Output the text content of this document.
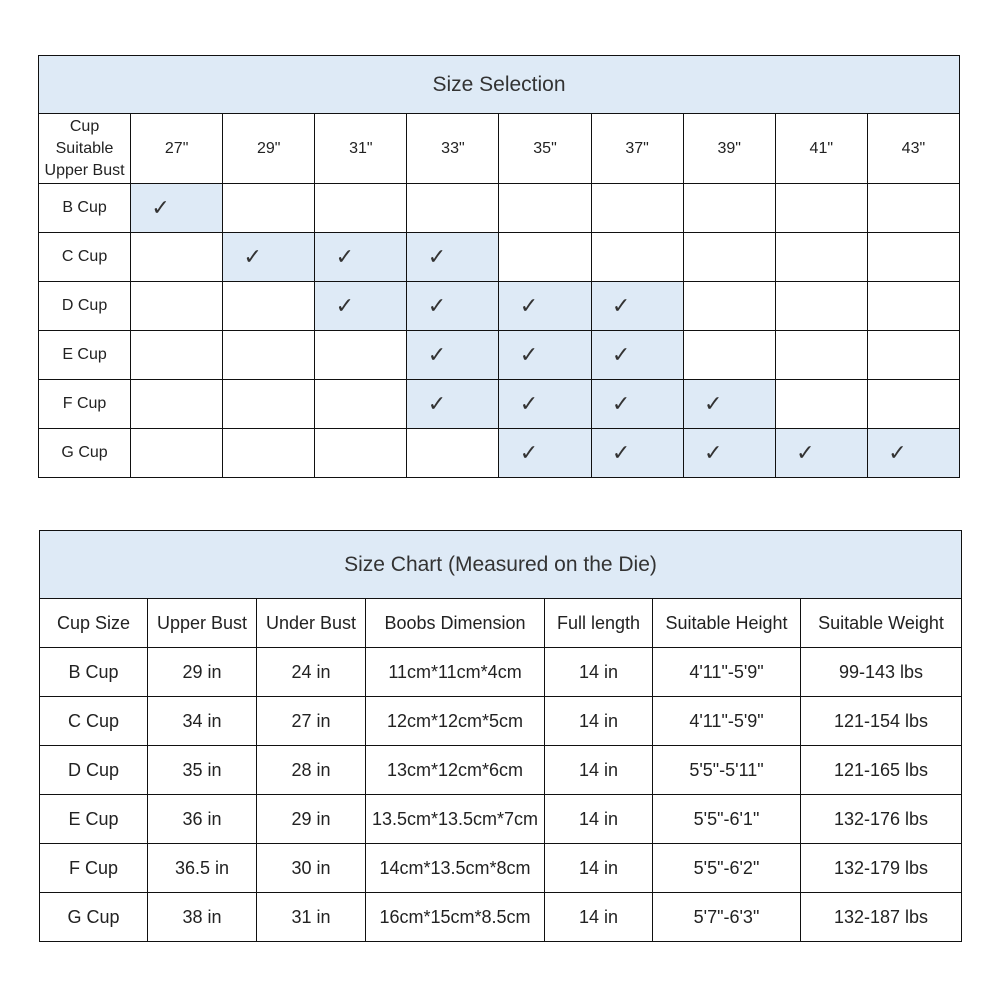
Size Selection									
Cup
Suitable
Upper Bust	27"	29"	31"	33"	35"	37"	39"	41"	43"
B Cup	✓								
C Cup		✓	✓	✓					
D Cup			✓	✓	✓	✓			
E Cup				✓	✓	✓			
F Cup				✓	✓	✓	✓		
G Cup					✓	✓	✓	✓	✓
Size Chart (Measured on the Die)						
Cup Size	Upper Bust	Under Bust	Boobs Dimension	Full length	Suitable Height	Suitable Weight
B Cup	29 in	24 in	11cm*11cm*4cm	14 in	4'11"-5'9"	99-143 lbs
C Cup	34 in	27 in	12cm*12cm*5cm	14 in	4'11"-5'9"	121-154 lbs
D Cup	35 in	28 in	13cm*12cm*6cm	14 in	5'5"-5'11"	121-165 lbs
E Cup	36 in	29 in	13.5cm*13.5cm*7cm	14 in	5'5"-6'1"	132-176 lbs
F Cup	36.5 in	30 in	14cm*13.5cm*8cm	14 in	5'5"-6'2"	132-179 lbs
G Cup	38 in	31 in	16cm*15cm*8.5cm	14 in	5'7"-6'3"	132-187 lbs
